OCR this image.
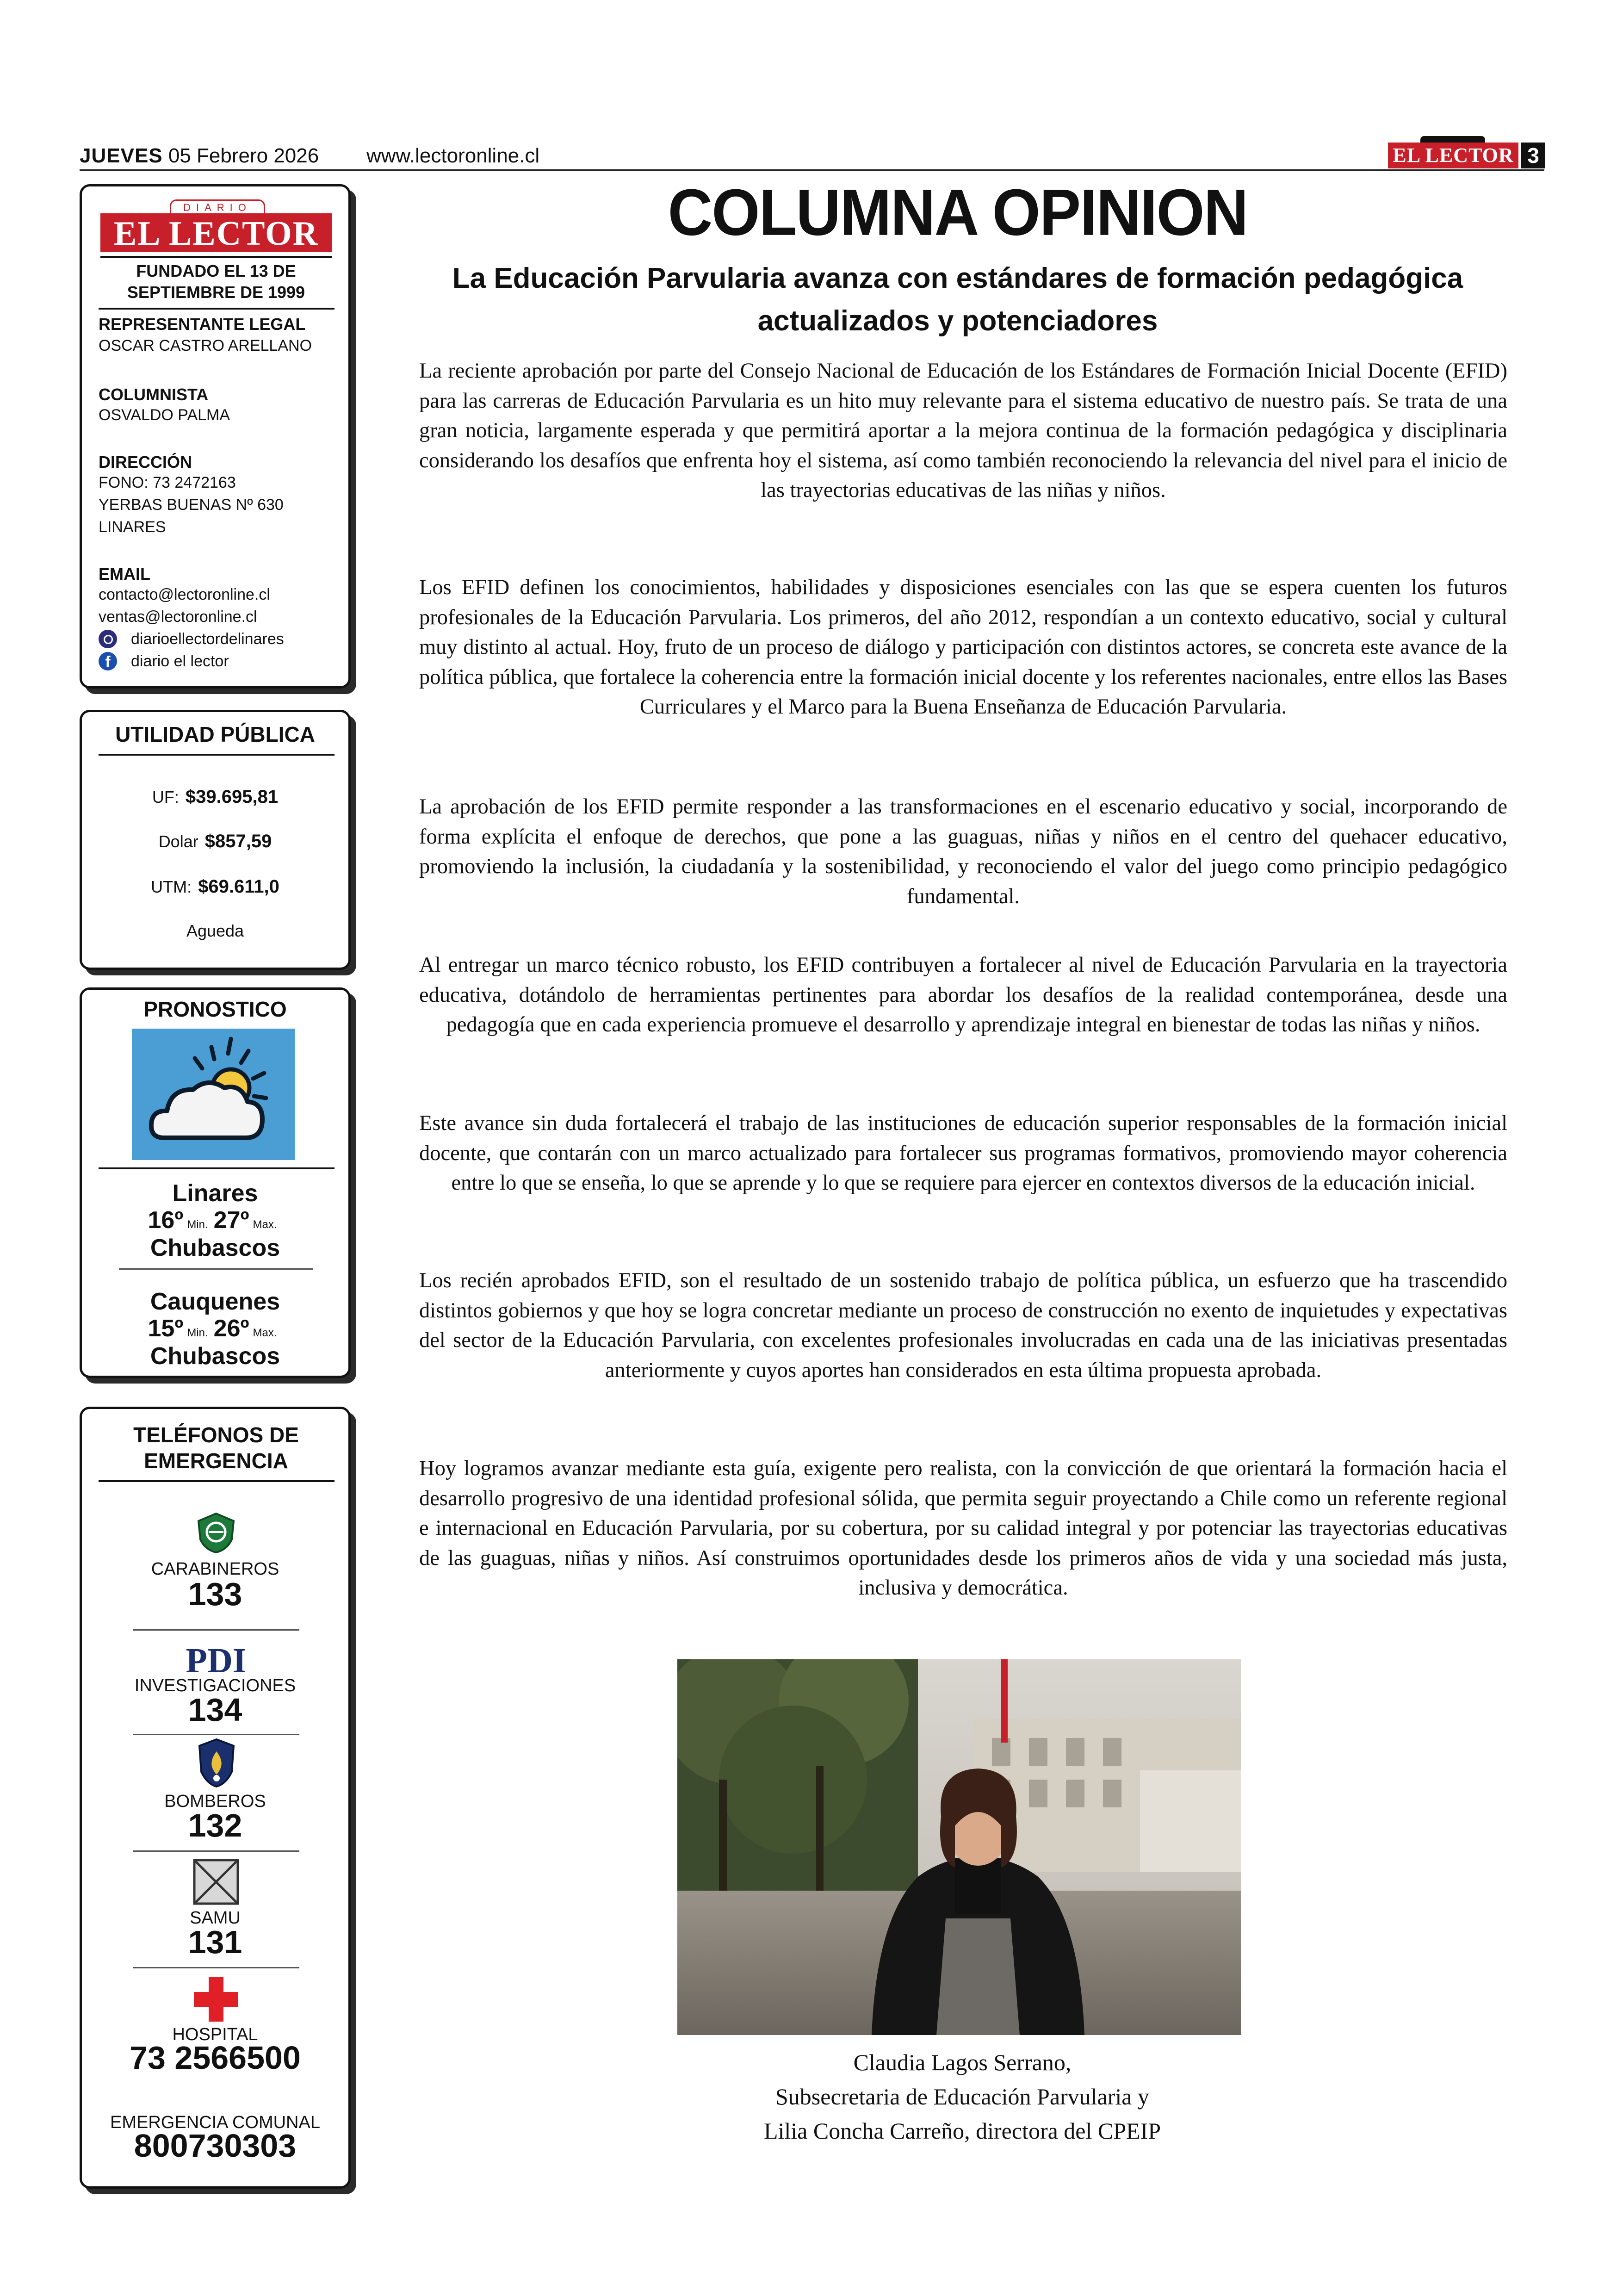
JUEVES 05 Febrero 2026 www.lectoronline.cl	EL LECTOR 3
DIARIO
EL LECTOR
FUNDADO EL 13 DE SEPTIEMBRE DE 1999
REPRESENTANTE LEGAL
OSCAR CASTRO ARELLANO
COLUMNISTA
OSVALDO PALMA
DIRECCIÓN
FONO: 73 2472163
YERBAS BUENAS Nº 630
LINARES
EMAIL
contacto@lectoronline.cl
ventas@lectoronline.cl
diarioellectordelinares
f	diario el lector
UTILIDAD PÚBLICA
UF: $39.695,81
Dolar $857,59
UTM: $69.611,0
Agueda
PRONOSTICO
Linares
16º Min. 27º Max.
Chubascos
Cauquenes
15º Min. 26º Max.
Chubascos
TELÉFONOS DE EMERGENCIA
CARABINEROS
133
PDI
INVESTIGACIONES
134
BOMBEROS
132
SAMU
131
HOSPITAL
73 2566500
EMERGENCIA COMUNAL
800730303
COLUMNA OPINION
La Educación Parvularia avanza con estándares de formación pedagógica actualizados y potenciadores

La reciente aprobación por parte del Consejo Nacional de Educación de los Estándares de Formación Inicial Docente (EFID) para las carreras de Educación Parvularia es un hito muy relevante para el sistema educativo de nuestro país. Se trata de una gran noticia, largamente esperada y que permitirá aportar a la mejora continua de la formación pedagógica y disciplinaria considerando los desafíos que enfrenta hoy el sistema, así como también reconociendo la relevancia del nivel para el inicio de las trayectorias educativas de las niñas y niños.

Los EFID definen los conocimientos, habilidades y disposiciones esenciales con las que se espera cuenten los futuros profesionales de la Educación Parvularia. Los primeros, del año 2012, respondían a un contexto educativo, social y cultural muy distinto al actual. Hoy, fruto de un proceso de diálogo y participación con distintos actores, se concreta este avance de la política pública, que fortalece la coherencia entre la formación inicial docente y los referentes nacionales, entre ellos las Bases Curriculares y el Marco para la Buena Enseñanza de Educación Parvularia.

La aprobación de los EFID permite responder a las transformaciones en el escenario educativo y social, incorporando de forma explícita el enfoque de derechos, que pone a las guaguas, niñas y niños en el centro del quehacer educativo, promoviendo la inclusión, la ciudadanía y la sostenibilidad, y reconociendo el valor del juego como principio pedagógico fundamental.

Al entregar un marco técnico robusto, los EFID contribuyen a fortalecer al nivel de Educación Parvularia en la trayectoria educativa, dotándolo de herramientas pertinentes para abordar los desafíos de la realidad contemporánea, desde una pedagogía que en cada experiencia promueve el desarrollo y aprendizaje integral en bienestar de todas las niñas y niños.

Este avance sin duda fortalecerá el trabajo de las instituciones de educación superior responsables de la formación inicial docente, que contarán con un marco actualizado para fortalecer sus programas formativos, promoviendo mayor coherencia entre lo que se enseña, lo que se aprende y lo que se requiere para ejercer en contextos diversos de la educación inicial.

Los recién aprobados EFID, son el resultado de un sostenido trabajo de política pública, un esfuerzo que ha trascendido distintos gobiernos y que hoy se logra concretar mediante un proceso de construcción no exento de inquietudes y expectativas del sector de la Educación Parvularia, con excelentes profesionales involucradas en cada una de las iniciativas presentadas anteriormente y cuyos aportes han considerados en esta última propuesta aprobada.

Hoy logramos avanzar mediante esta guía, exigente pero realista, con la convicción de que orientará la formación hacia el desarrollo progresivo de una identidad profesional sólida, que permita seguir proyectando a Chile como un referente regional e internacional en Educación Parvularia, por su cobertura, por su calidad integral y por potenciar las trayectorias educativas de las guaguas, niñas y niños. Así construimos oportunidades desde los primeros años de vida y una sociedad más justa, inclusiva y democrática.

Claudia Lagos Serrano,
Subsecretaria de Educación Parvularia y
Lilia Concha Carreño, directora del CPEIP
